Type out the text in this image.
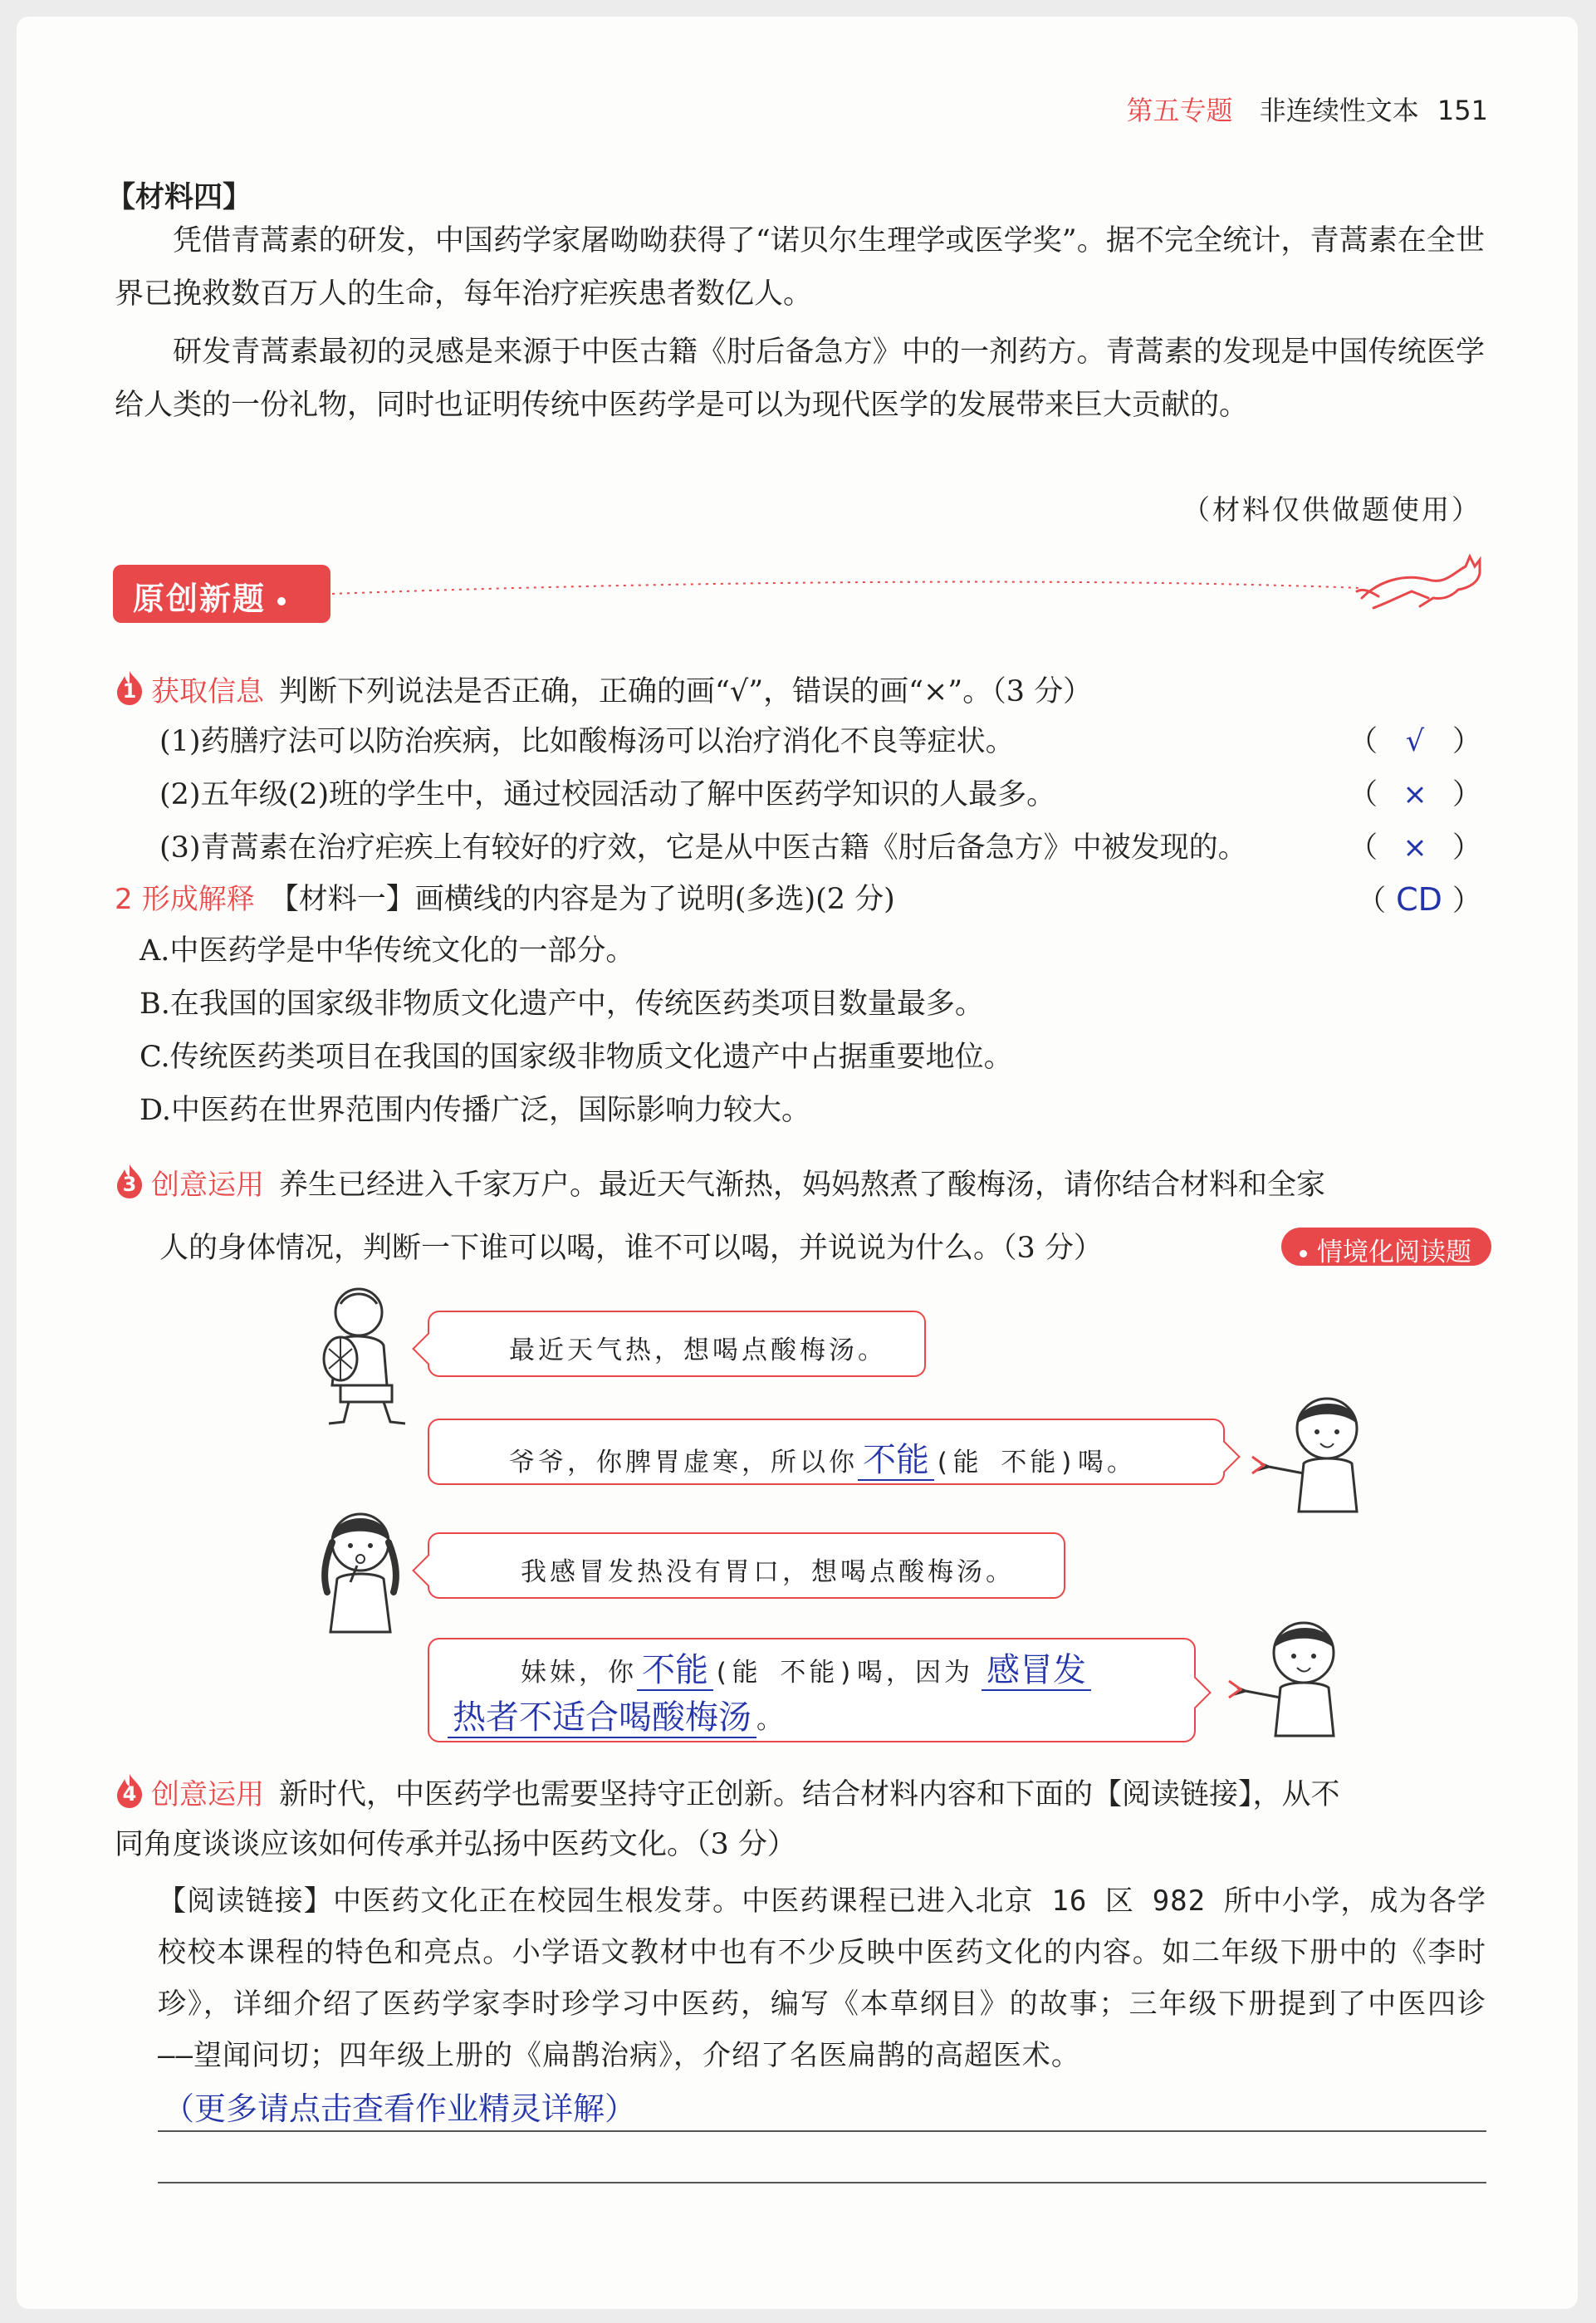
第五专题 非连续性文本 151
【材料四】
凭借青蒿素的研发，中国药学家屠呦呦获得了“诺贝尔生理学或医学奖”。据不完全统计，青蒿素在全世界已挽救数百万人的生命，每年治疗疟疾患者数亿人。
研发青蒿素最初的灵感是来源于中医古籍《肘后备急方》中的一剂药方。青蒿素的发现是中国传统医学给人类的一份礼物，同时也证明传统中医药学是可以为现代医学的发展带来巨大贡献的。
（材料仅供做题使用）
原创新题
1 获取信息 判断下列说法是否正确，正确的画“√”，错误的画“×”。（3 分）
(1)药膳疗法可以防治疾病，比如酸梅汤可以治疗消化不良等症状。	（ √ ）
(2)五年级(2)班的学生中，通过校园活动了解中医药学知识的人最多。	（ × ）
(3)青蒿素在治疗疟疾上有较好的疗效，它是从中医古籍《肘后备急方》中被发现的。	（ × ）
2 形成解释 【材料一】画横线的内容是为了说明(多选)(2 分)	（ CD ）
A.中医药学是中华传统文化的一部分。
B.在我国的国家级非物质文化遗产中，传统医药类项目数量最多。
C.传统医药类项目在我国的国家级非物质文化遗产中占据重要地位。
D.中医药在世界范围内传播广泛，国际影响力较大。
3 创意运用 养生已经进入千家万户。最近天气渐热，妈妈熬煮了酸梅汤，请你结合材料和全家
人的身体情况，判断一下谁可以喝，谁不可以喝，并说说为什么。（3 分）	情境化阅读题
最近天气热，想喝点酸梅汤。
爷爷，你脾胃虚寒，所以你 不能 (能 不能)喝。
我感冒发热没有胃口，想喝点酸梅汤。
妹妹，你 不能 (能 不能)喝，因为 感冒发
热者不适合喝酸梅汤 。
4 创意运用 新时代，中医药学也需要坚持守正创新。结合材料内容和下面的【阅读链接】，从不
同角度谈谈应该如何传承并弘扬中医药文化。（3 分）
【阅读链接】中医药文化正在校园生根发芽。中医药课程已进入北京 16 区 982 所中小学，成为各学校校本课程的特色和亮点。小学语文教材中也有不少反映中医药文化的内容。如二年级下册中的《李时珍》，详细介绍了医药学家李时珍学习中医药，编写《本草纲目》的故事；三年级下册提到了中医四诊——望闻问切；四年级上册的《扁鹊治病》，介绍了名医扁鹊的高超医术。
（更多请点击查看作业精灵详解）
